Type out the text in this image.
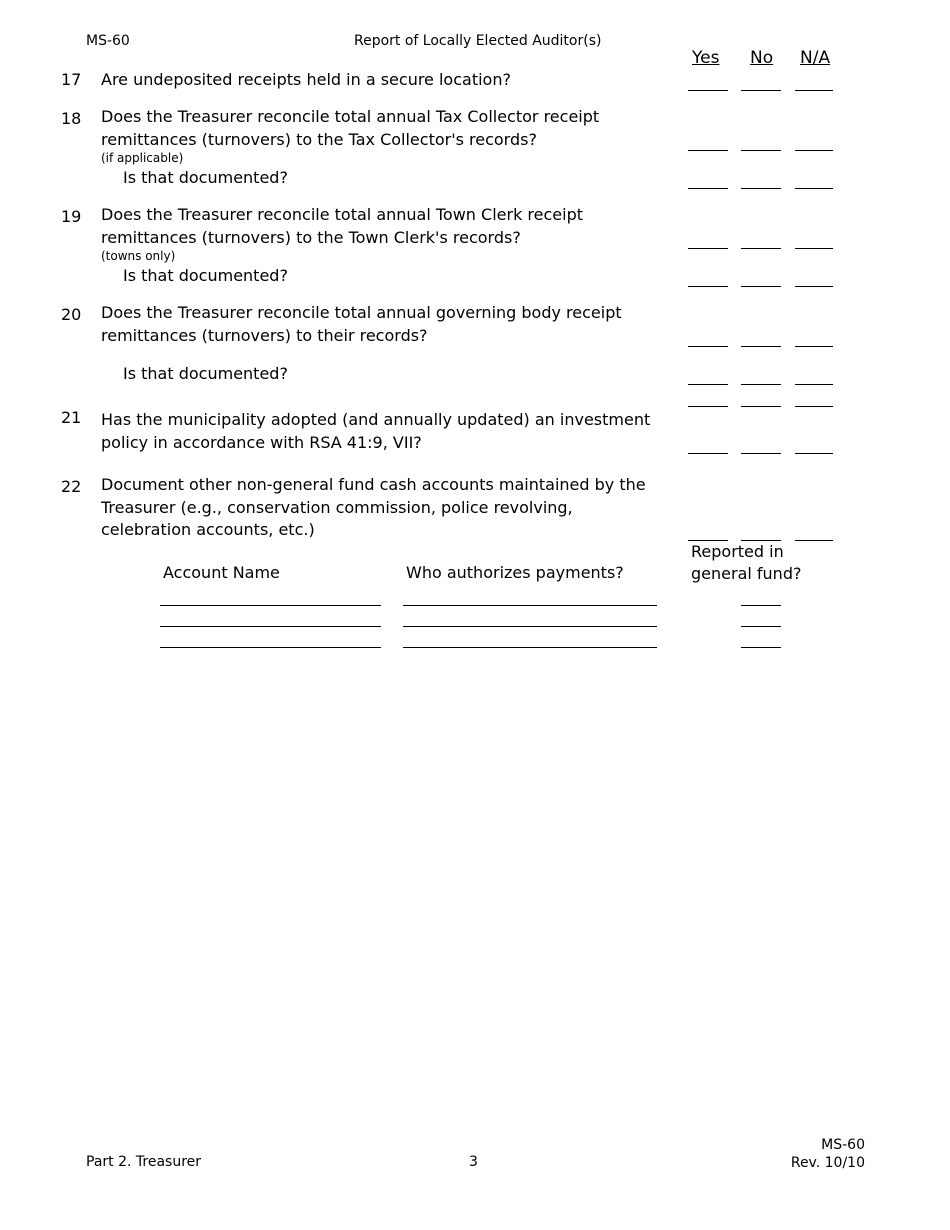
MS-60	Report of Locally Elected Auditor(s)
Yes No N/A
17 Are undeposited receipts held in a secure location?
18 Does the Treasurer reconcile total annual Tax Collector receipt
remittances (turnovers) to the Tax Collector's records?
(if applicable)
Is that documented?
19 Does the Treasurer reconcile total annual Town Clerk receipt
remittances (turnovers) to the Town Clerk's records?
(towns only)
Is that documented?
20 Does the Treasurer reconcile total annual governing body receipt
remittances (turnovers) to their records?
Is that documented?
21 Has the municipality adopted (and annually updated) an investment
policy in accordance with RSA 41:9, VII?
22 Document other non-general fund cash accounts maintained by the
Treasurer (e.g., conservation commission, police revolving,
celebration accounts, etc.)
Account Name	Who authorizes payments?
Reported in
general fund?
Part 2. Treasurer	3
MS-60
Rev. 10/10
